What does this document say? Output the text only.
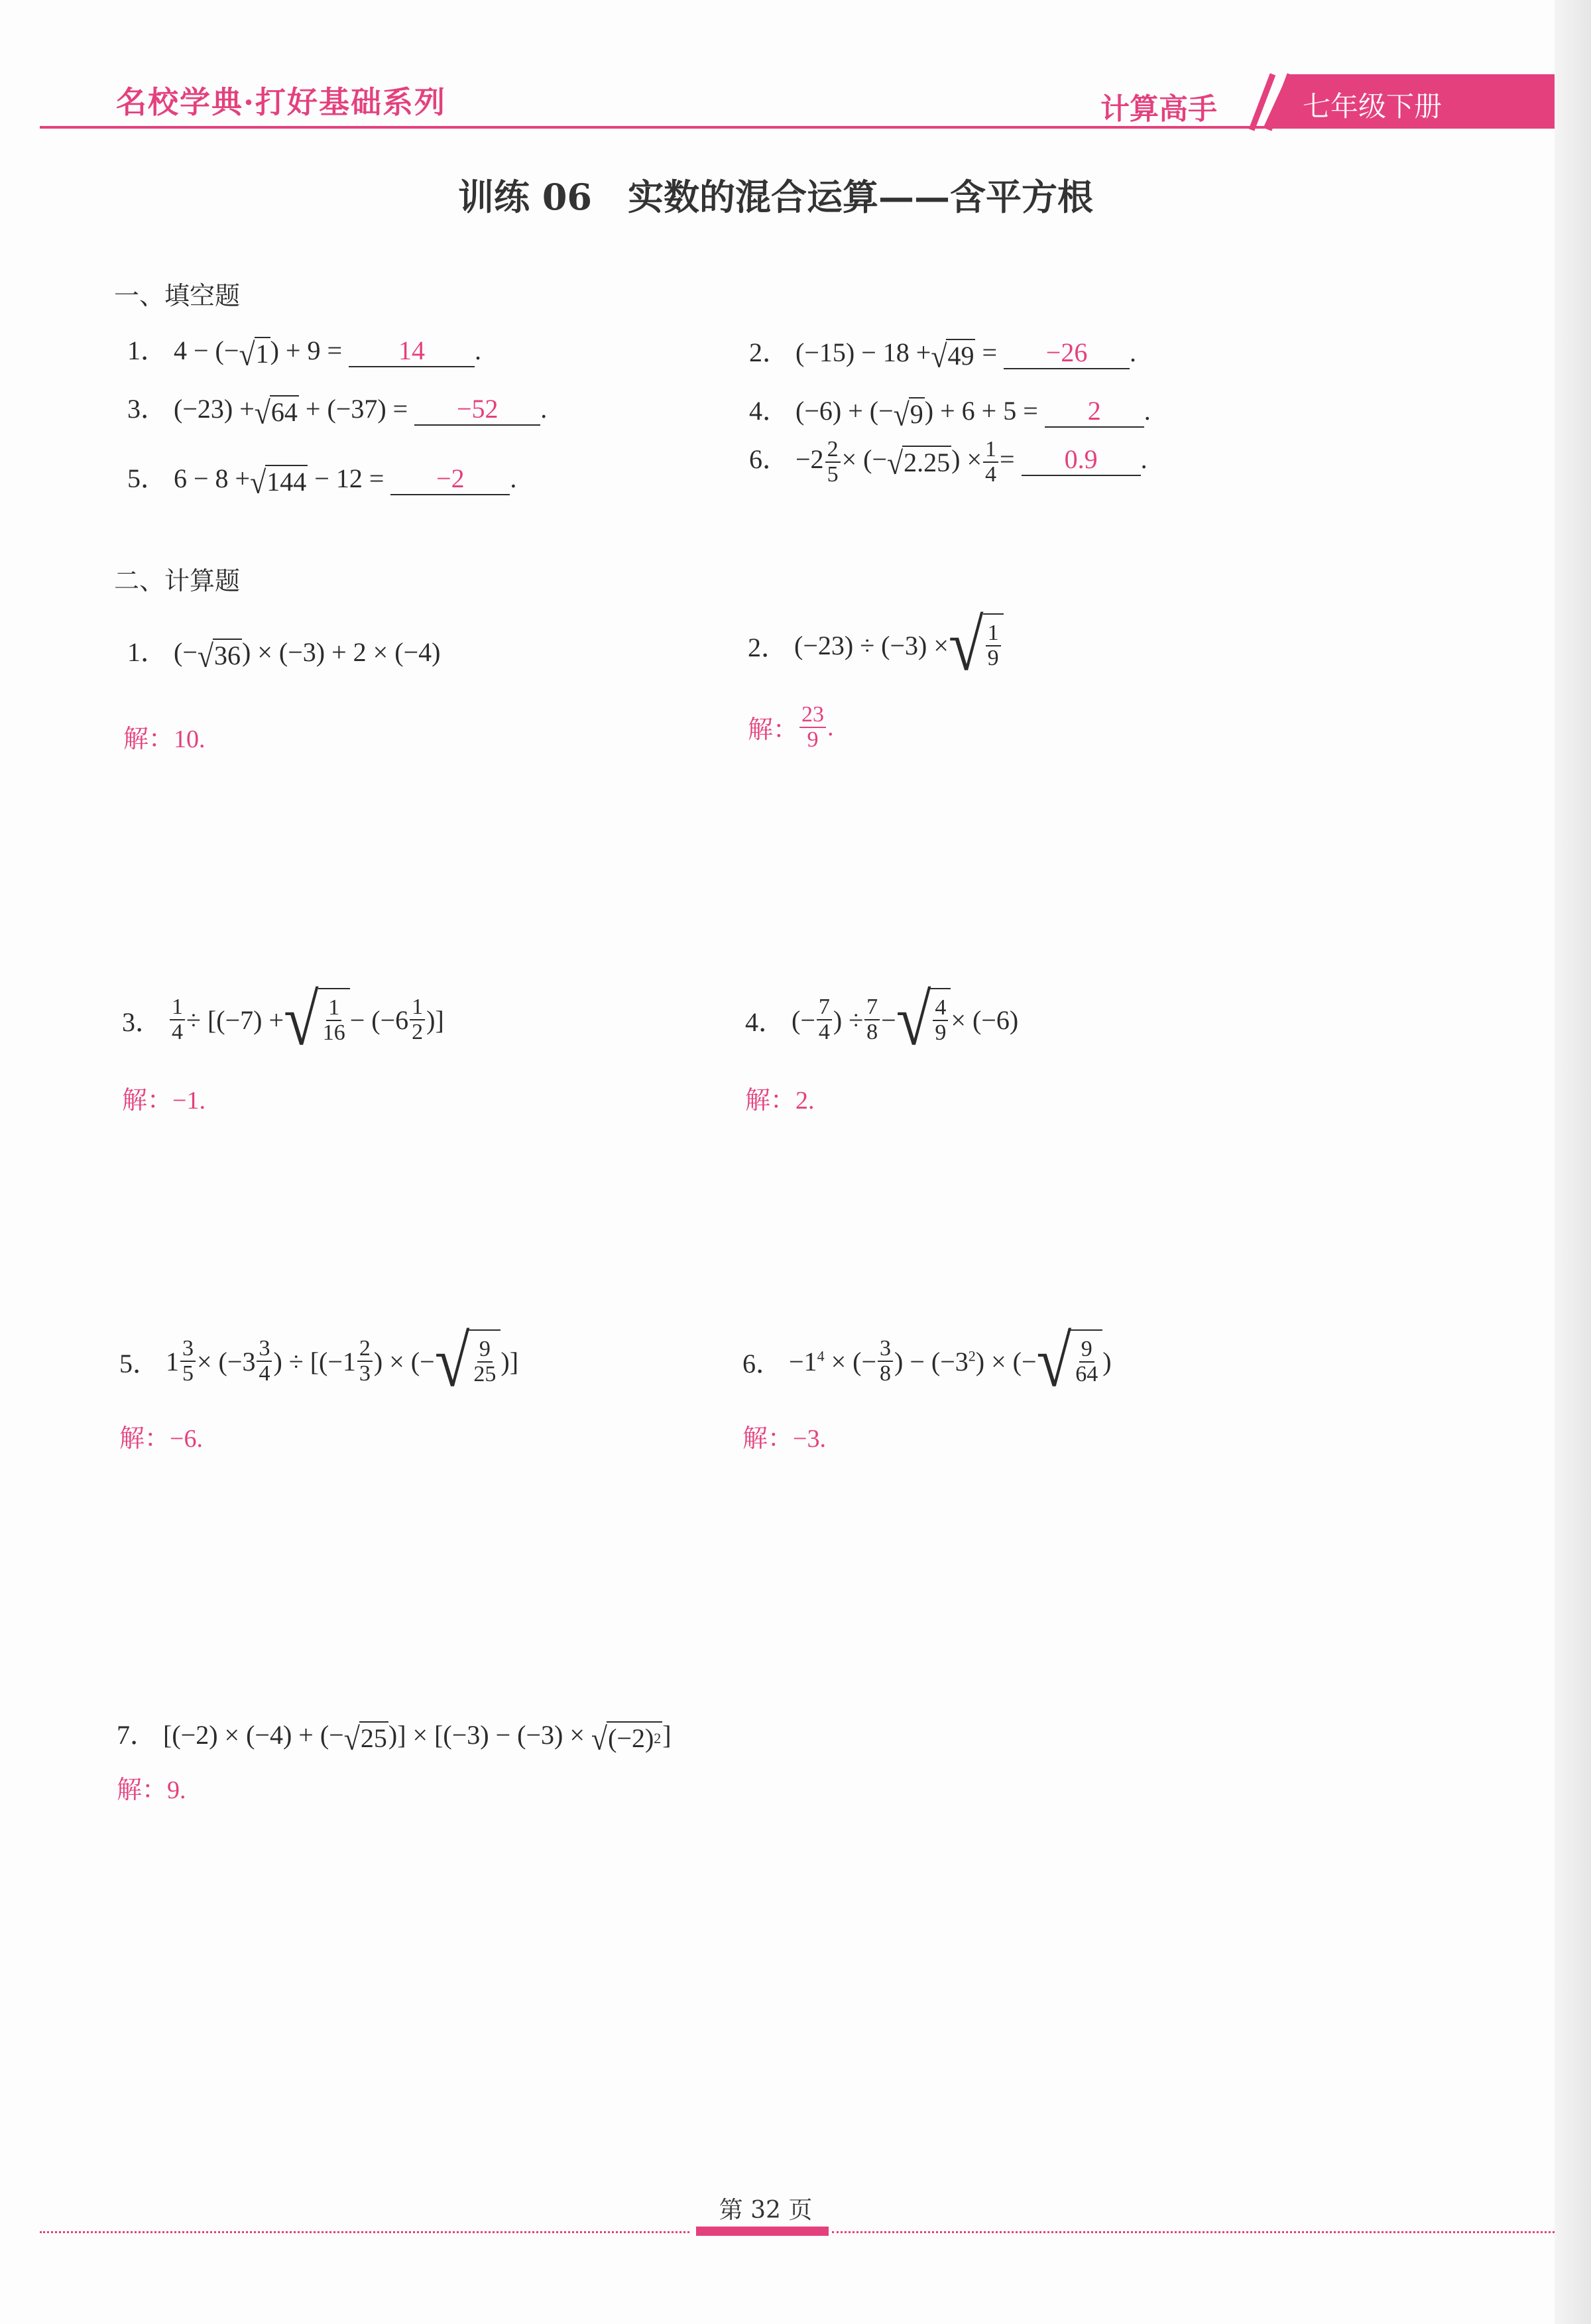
名校学典·打好基础系列	计算高手	七年级下册
训练 06　实数的混合运算——含平方根
一、填空题
1． 4 − (− √ 1 ) + 9 = 14 .	2． (−15) − 18 + √ 49 = −26 .
3． (−23) + √ 64 + (−37) = −52 .	4． (−6) + (− √ 9 ) + 6 + 5 = 2 .
5． 6 − 8 + √ 144 − 12 = −2 .
6． $-2 \frac{2}{5}$ × (− √ 2.25 ) × $\frac{1}{4} = 0.9$ .
二、计算题
1． (− √ 36 ) × (−3) + 2 × (−4)
解：10.
2．
(−23) ÷ (−3) × √ $\frac{1}{9}$
解： $\frac{23}{9}$ .
3．
$\frac{1}{4} \div [(-7)$ + √ $\frac{1}{16} - (-6 \frac{1}{2}$ )]
解：−1.
4．
(− $\frac{7}{4}$ ) ÷ $\frac{7}{8}$ − √ $\frac{4}{9} \times (-6)$
解：2.
5．
$1 \frac{3}{5} \times (-3 \frac{3}{4}$ ) ÷ [($-1 \frac{2}{3}$ ) × (− √ $\frac{9}{25}$ )]
解：−6.
6．
$-1^4$ × (− $\frac{3}{8}$ ) − $(-3^2)$ × (− √ $\frac{9}{64}$ )
解：−3.
7． [(−2) × (−4) + (− √ 25 )] × [(−3) − (−3) × √ (−2) 2 ]
解：9.
第 32 页
